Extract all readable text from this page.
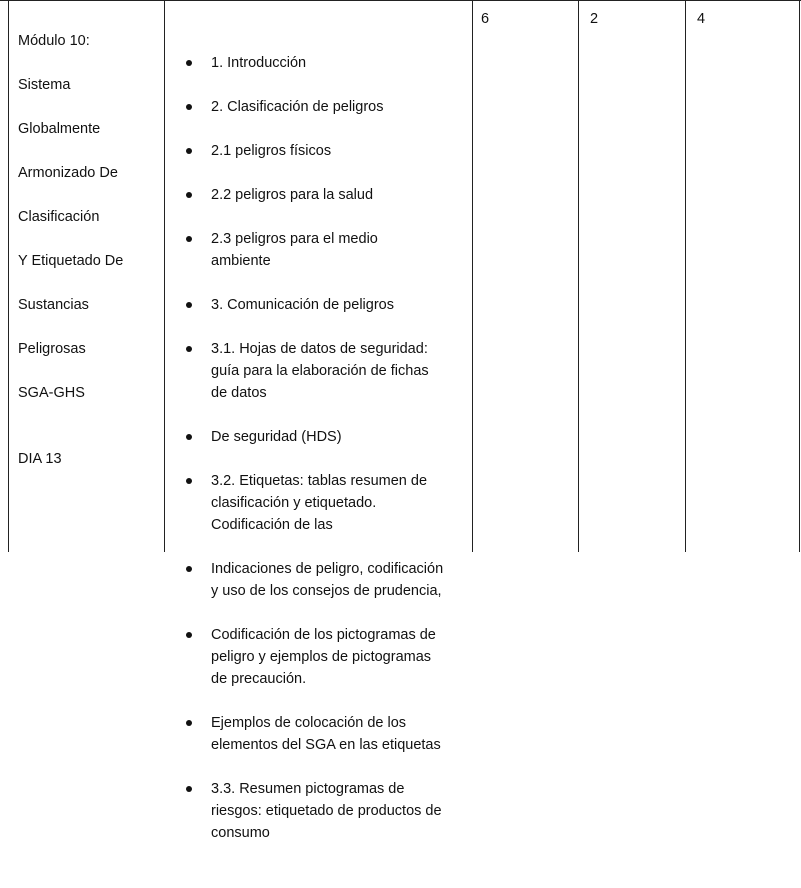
Módulo 10:

Sistema

Globalmente

Armonizado De

Clasificación

Y Etiquetado De

Sustancias

Peligrosas

SGA-GHS

DIA 13

1. Introducción

2. Clasificación de peligros

2.1 peligros físicos

2.2 peligros para la salud

2.3 peligros para el medio
ambiente

3. Comunicación de peligros

3.1. Hojas de datos de seguridad:
guía para la elaboración de fichas
de datos

De seguridad (HDS)

3.2. Etiquetas: tablas resumen de
clasificación y etiquetado.
Codificación de las

Indicaciones de peligro, codificación
y uso de los consejos de prudencia,

Codificación de los pictogramas de
peligro y ejemplos de pictogramas
de precaución.

Ejemplos de colocación de los
elementos del SGA en las etiquetas

3.3. Resumen pictogramas de
riesgos: etiquetado de productos de
consumo

6	2	4
